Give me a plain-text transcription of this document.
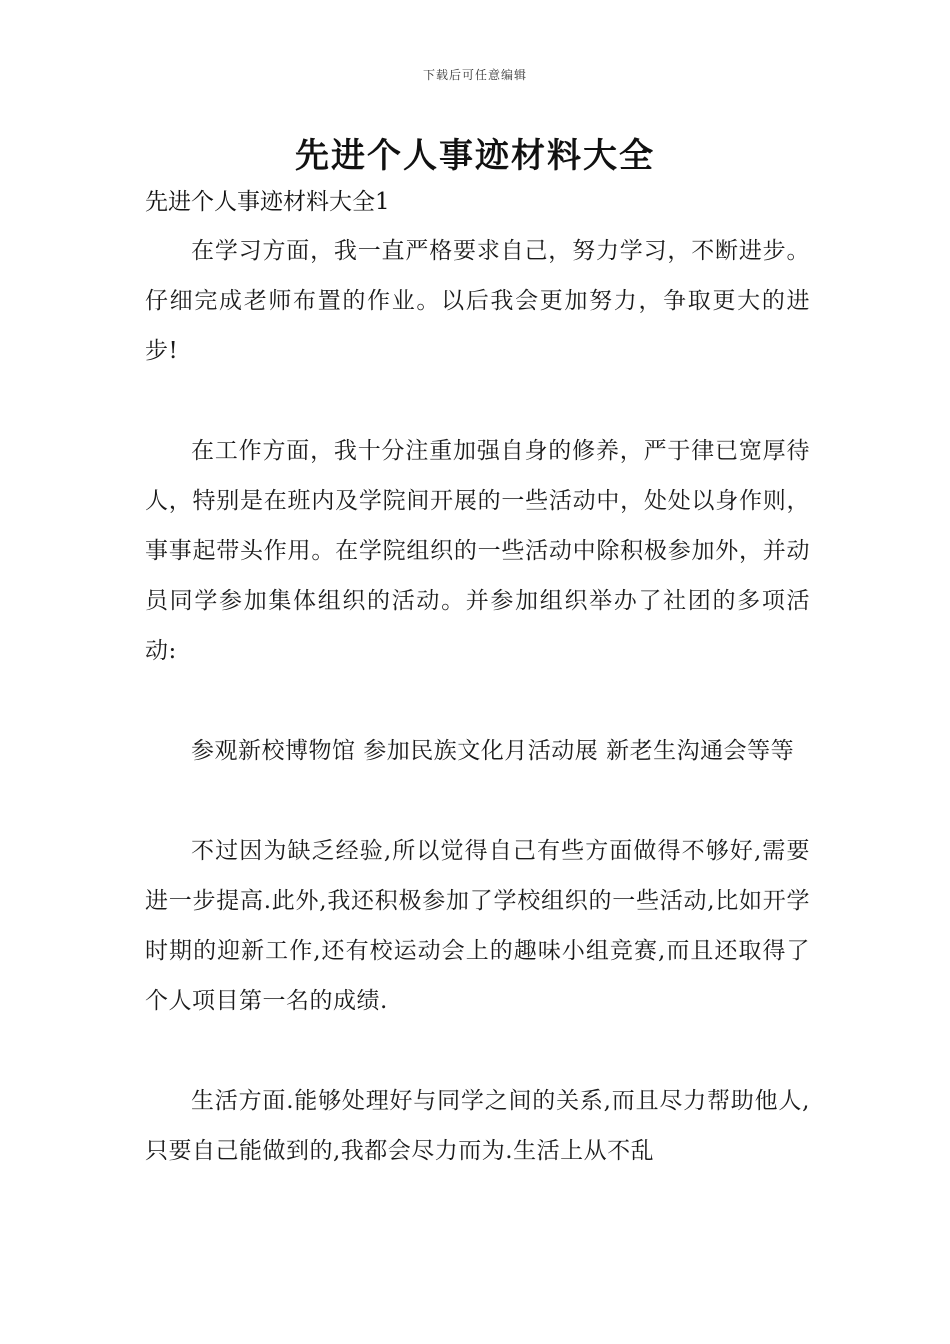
下载后可任意编辑
先进个人事迹材料大全
先进个人事迹材料大全1

在学习方面，我一直严格要求自己，努力学习，不断进步。仔细完成老师布置的作业。以后我会更加努力，争取更大的进步!

在工作方面，我十分注重加强自身的修养，严于律已宽厚待人，特别是在班内及学院间开展的一些活动中，处处以身作则，事事起带头作用。在学院组织的一些活动中除积极参加外，并动员同学参加集体组织的活动。并参加组织举办了社团的多项活动:

参观新校博物馆 参加民族文化月活动展 新老生沟通会等等

不过因为缺乏经验,所以觉得自己有些方面做得不够好,需要进一步提高.此外,我还积极参加了学校组织的一些活动,比如开学时期的迎新工作,还有校运动会上的趣味小组竞赛,而且还取得了个人项目第一名的成绩.

生活方面.能够处理好与同学之间的关系,而且尽力帮助他人,只要自己能做到的,我都会尽力而为.生活上从不乱
